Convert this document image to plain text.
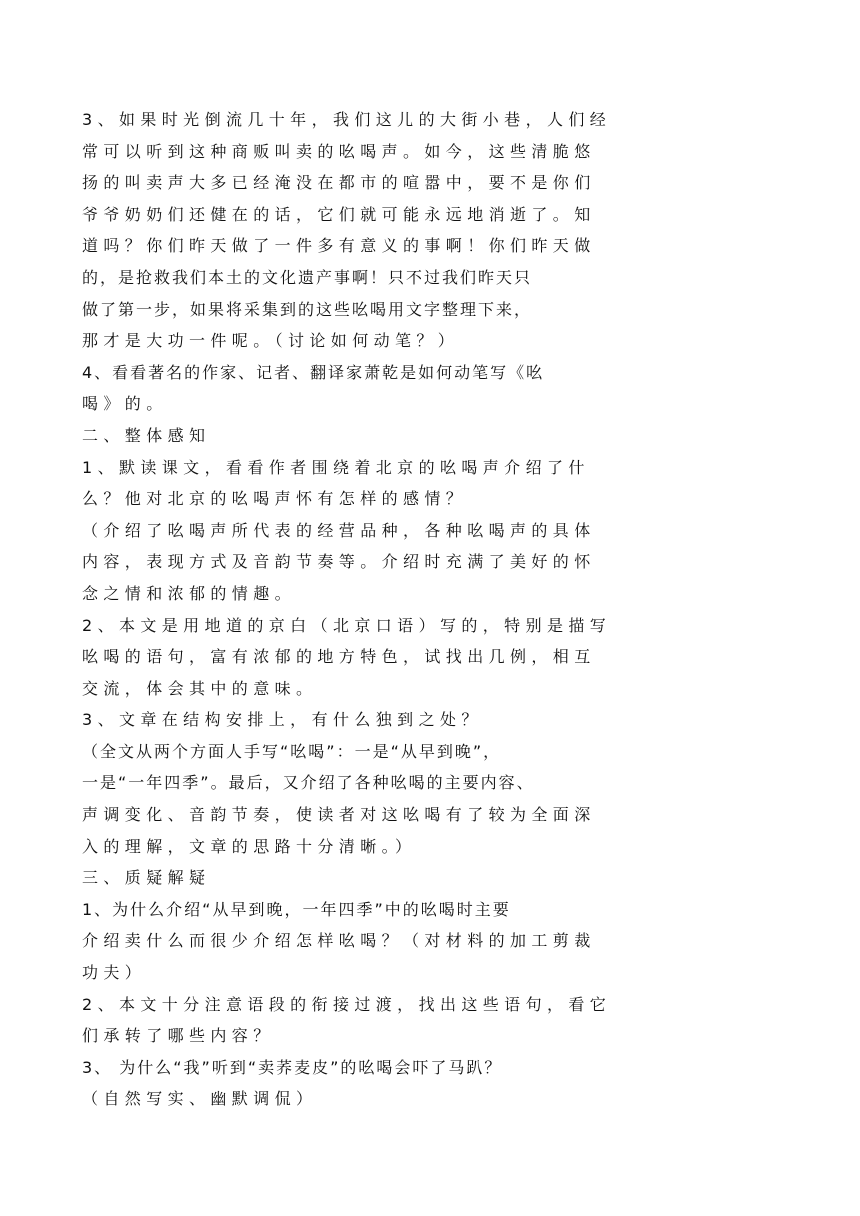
3、如果时光倒流几十年，我们这儿的大街小巷，人们经
常可以听到这种商贩叫卖的吆喝声。如今，这些清脆悠
扬的叫卖声大多已经淹没在都市的喧嚣中，要不是你们
爷爷奶奶们还健在的话，它们就可能永远地消逝了。知
道吗？你们昨天做了一件多有意义的事啊！你们昨天做
的，是抢救我们本土的文化遗产事啊！只不过我们昨天只
做了第一步，如果将采集到的这些吆喝用文字整理下来，
那才是大功一件呢。（讨论如何动笔？）
4、看看著名的作家、记者、翻译家萧乾是如何动笔写《吆
喝》的。
二、整体感知
1、默读课文，看看作者围绕着北京的吆喝声介绍了什
么？他对北京的吆喝声怀有怎样的感情？
（介绍了吆喝声所代表的经营品种，各种吆喝声的具体
内容，表现方式及音韵节奏等。介绍时充满了美好的怀
念之情和浓郁的情趣。
2、本文是用地道的京白（北京口语）写的，特别是描写
吆喝的语句，富有浓郁的地方特色，试找出几例，相互
交流，体会其中的意味。
3、文章在结构安排上，有什么独到之处？
（全文从两个方面人手写“吆喝”：一是“从早到晚”，
一是“一年四季”。最后，又介绍了各种吆喝的主要内容、
声调变化、音韵节奏，使读者对这吆喝有了较为全面深
入的理解，文章的思路十分清晰。）
三、质疑解疑
1、为什么介绍“从早到晚，一年四季”中的吆喝时主要
介绍卖什么而很少介绍怎样吆喝？（对材料的加工剪裁
功夫）
2、本文十分注意语段的衔接过渡，找出这些语句，看它
们承转了哪些内容？
3、 为什么“我”听到“卖荞麦皮”的吆喝会吓了马趴？
（自然写实、幽默调侃）
